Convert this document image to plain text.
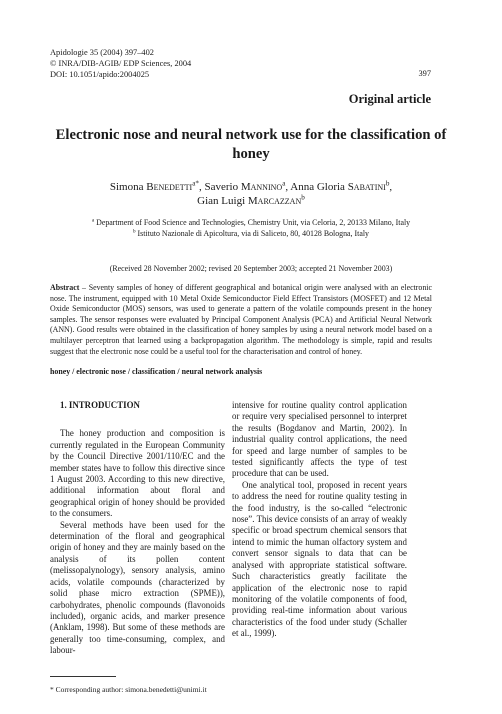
Apidologie 35 (2004) 397–402
© INRA/DIB-AGIB/ EDP Sciences, 2004
DOI: 10.1051/apido:2004025	397
Original article
Electronic nose and neural network use for the classification of honey
Simona Benedetti$^{a*}$, Saverio Mannino$^a$, Anna Gloria Sabatini$^b$,
Gian Luigi Marcazzan$^b$
$^a$ Department of Food Science and Technologies, Chemistry Unit, via Celoria, 2, 20133 Milano, Italy
$^b$ Istituto Nazionale di Apicoltura, via di Saliceto, 80, 40128 Bologna, Italy
(Received 28 November 2002; revised 20 September 2003; accepted 21 November 2003)
Abstract – Seventy samples of honey of different geographical and botanical origin were analysed with an electronic nose. The instrument, equipped with 10 Metal Oxide Semiconductor Field Effect Transistors (MOSFET) and 12 Metal Oxide Semiconductor (MOS) sensors, was used to generate a pattern of the volatile compounds present in the honey samples. The sensor responses were evaluated by Principal Component Analysis (PCA) and Artificial Neural Network (ANN). Good results were obtained in the classification of honey samples by using a neural network model based on a multilayer perceptron that learned using a backpropagation algorithm. The methodology is simple, rapid and results suggest that the electronic nose could be a useful tool for the characterisation and control of honey.
honey / electronic nose / classification / neural network analysis
1. INTRODUCTION

The honey production and composition is currently regulated in the European Community by the Council Directive 2001/110/EC and the member states have to follow this directive since 1 August 2003. According to this new directive, additional information about floral and geographical origin of honey should be provided to the consumers.

Several methods have been used for the determination of the floral and geographical origin of honey and they are mainly based on the analysis of its pollen content (melissopalynology), sensory analysis, amino acids, volatile compounds (characterized by solid phase micro extraction (SPME)), carbohydrates, phenolic compounds (flavonoids included), organic acids, and marker presence (Anklam, 1998). But some of these methods are generally too time-consuming, complex, and labour-

intensive for routine quality control application or require very specialised personnel to interpret the results (Bogdanov and Martin, 2002). In industrial quality control applications, the need for speed and large number of samples to be tested significantly affects the type of test procedure that can be used.

One analytical tool, proposed in recent years to address the need for routine quality testing in the food industry, is the so-called “electronic nose”. This device consists of an array of weakly specific or broad spectrum chemical sensors that intend to mimic the human olfactory system and convert sensor signals to data that can be analysed with appropriate statistical software. Such characteristics greatly facilitate the application of the electronic nose to rapid monitoring of the volatile components of food, providing real-time information about various characteristics of the food under study (Schaller et al., 1999).

* Corresponding author: simona.benedetti@unimi.it
